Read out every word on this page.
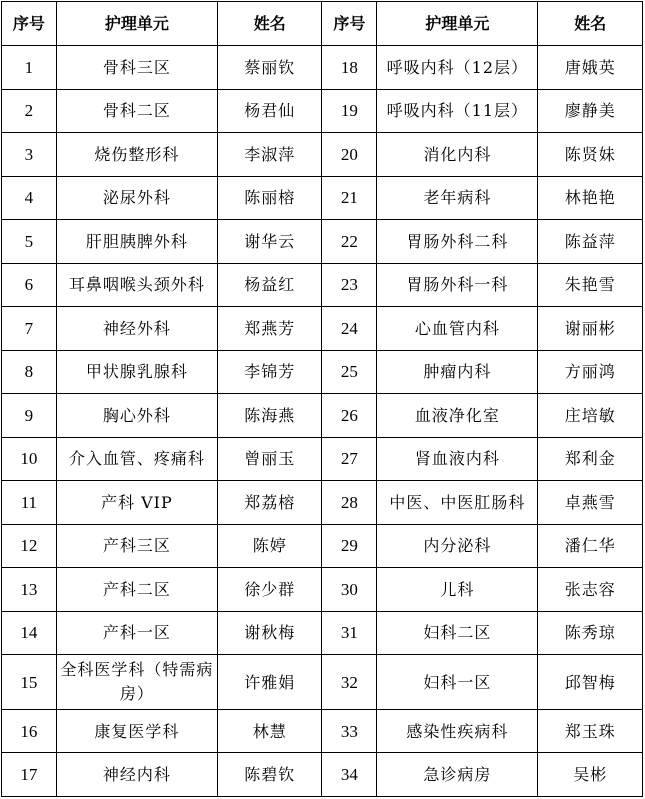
序号	护理单元	姓名	序号	护理单元	姓名
1	骨科三区	蔡丽钦	18	呼吸内科（12层）	唐娥英
2	骨科二区	杨君仙	19	呼吸内科（11层）	廖静美
3	烧伤整形科	李淑萍	20	消化内科	陈贤妹
4	泌尿外科	陈丽榕	21	老年病科	林艳艳
5	肝胆胰脾外科	谢华云	22	胃肠外科二科	陈益萍
6	耳鼻咽喉头颈外科	杨益红	23	胃肠外科一科	朱艳雪
7	神经外科	郑燕芳	24	心血管内科	谢丽彬
8	甲状腺乳腺科	李锦芳	25	肿瘤内科	方丽鸿
9	胸心外科	陈海燕	26	血液净化室	庄培敏
10	介入血管、疼痛科	曾丽玉	27	肾血液内科	郑利金
11	产科 VIP	郑荔榕	28	中医、中医肛肠科	卓燕雪
12	产科三区	陈婷	29	内分泌科	潘仁华
13	产科二区	徐少群	30	儿科	张志容
14	产科一区	谢秋梅	31	妇科二区	陈秀琼
15	全科医学科（特需病房）	许雅娟	32	妇科一区	邱智梅
16	康复医学科	林慧	33	感染性疾病科	郑玉珠
17	神经内科	陈碧钦	34	急诊病房	吴彬
